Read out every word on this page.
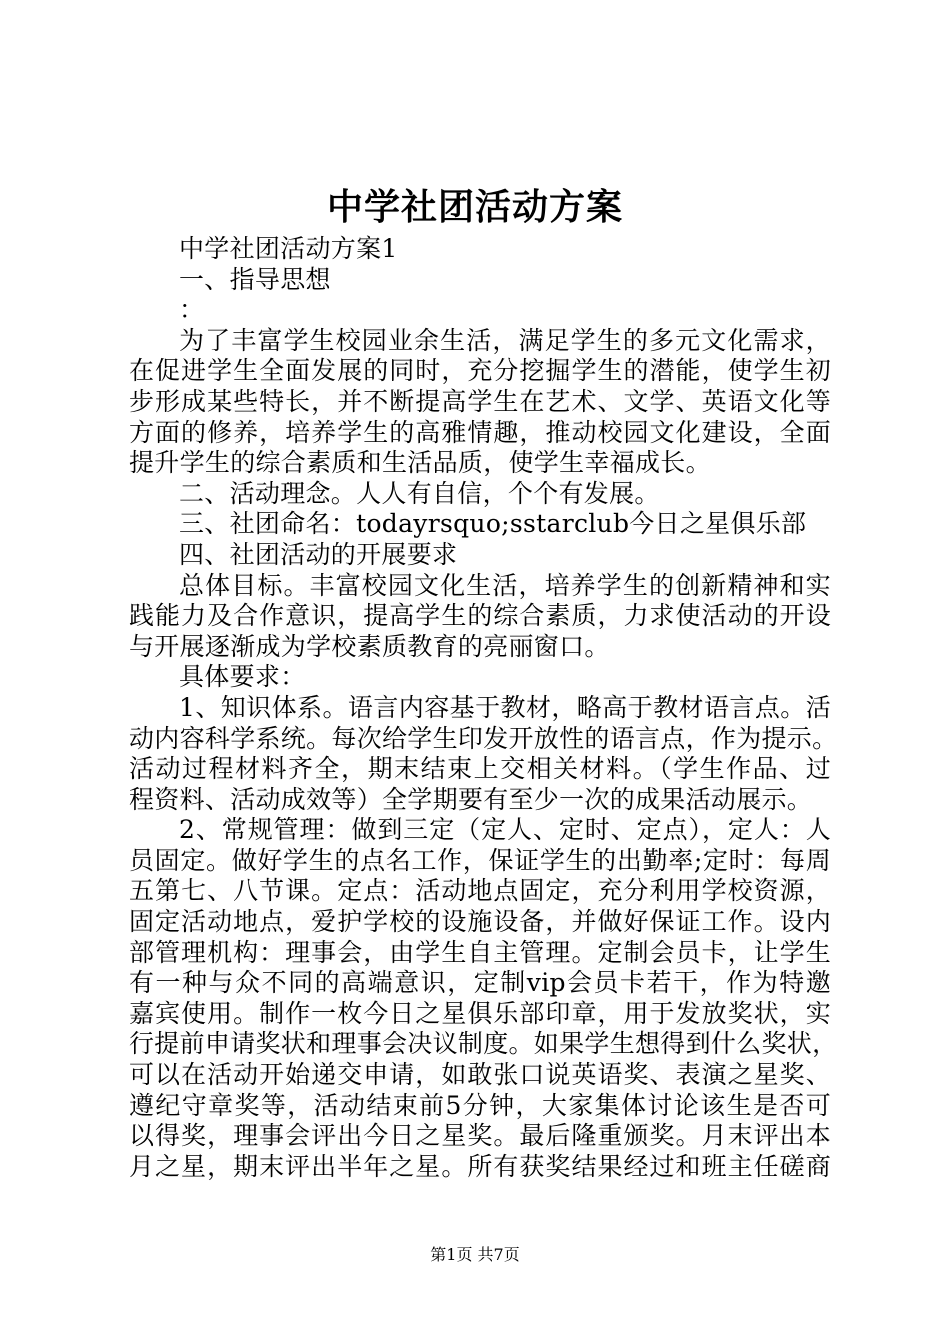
中学社团活动方案
中学社团活动方案1
一、指导思想
：
为了丰富学生校园业余生活，满足学生的多元文化需求，
在促进学生全面发展的同时，充分挖掘学生的潜能，使学生初
步形成某些特长，并不断提高学生在艺术、文学、英语文化等
方面的修养，培养学生的高雅情趣，推动校园文化建设，全面
提升学生的综合素质和生活品质，使学生幸福成长。
二、活动理念。人人有自信，个个有发展。
三、社团命名：todayrsquo;sstarclub今日之星俱乐部
四、社团活动的开展要求
总体目标。丰富校园文化生活，培养学生的创新精神和实
践能力及合作意识，提高学生的综合素质，力求使活动的开设
与开展逐渐成为学校素质教育的亮丽窗口。
具体要求：
1、知识体系。语言内容基于教材，略高于教材语言点。活
动内容科学系统。每次给学生印发开放性的语言点，作为提示。
活动过程材料齐全，期末结束上交相关材料。（学生作品、过
程资料、活动成效等）全学期要有至少一次的成果活动展示。
2、常规管理：做到三定（定人、定时、定点），定人：人
员固定。做好学生的点名工作，保证学生的出勤率;定时：每周
五第七、八节课。定点：活动地点固定，充分利用学校资源，
固定活动地点，爱护学校的设施设备，并做好保证工作。设内
部管理机构：理事会，由学生自主管理。定制会员卡，让学生
有一种与众不同的高端意识，定制vip会员卡若干，作为特邀
嘉宾使用。制作一枚今日之星俱乐部印章，用于发放奖状，实
行提前申请奖状和理事会决议制度。如果学生想得到什么奖状，
可以在活动开始递交申请，如敢张口说英语奖、表演之星奖、
遵纪守章奖等，活动结束前5分钟，大家集体讨论该生是否可
以得奖，理事会评出今日之星奖。最后隆重颁奖。月末评出本
月之星，期末评出半年之星。所有获奖结果经过和班主任磋商
第1页 共7页
